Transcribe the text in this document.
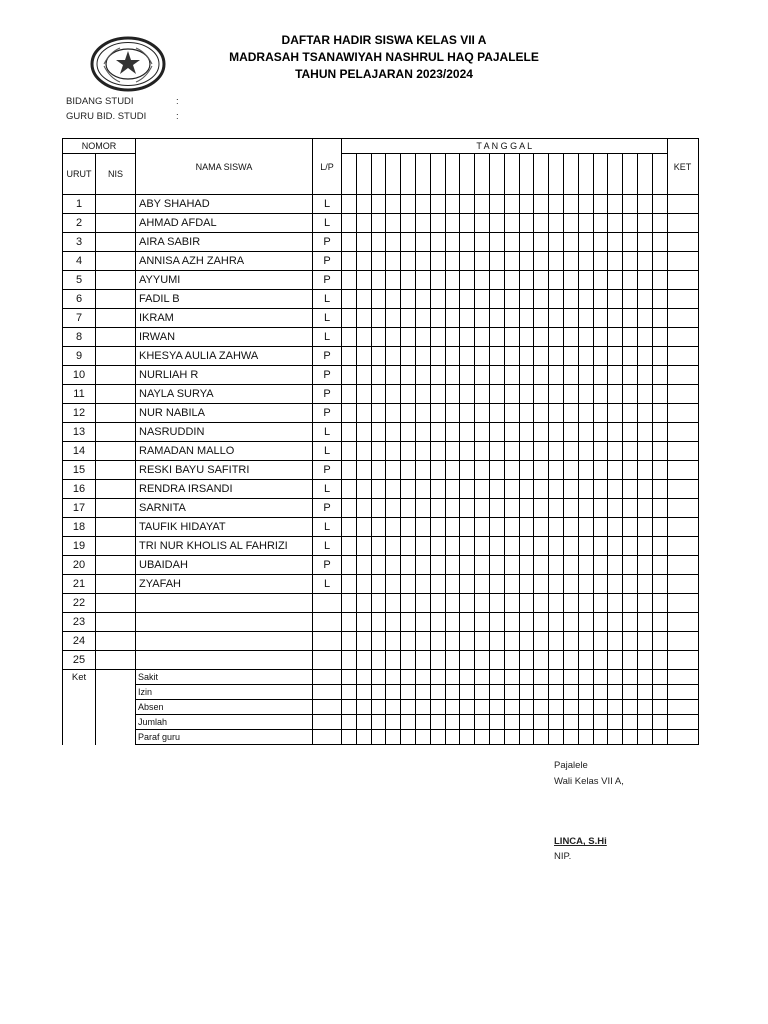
DAFTAR HADIR SISWA KELAS VII A
MADRASAH TSANAWIYAH NASHRUL HAQ PAJALELE
TAHUN PELAJARAN 2023/2024
BIDANG STUDI	:
GURU BID. STUDI	:
NOMOR		NAMA SISWA	L/P	T A N G G A L																						KET
URUT	NIS																									
1		ABY SHAHAD	L																							
2		AHMAD AFDAL	L																							
3		AIRA SABIR	P																							
4		ANNISA AZH ZAHRA	P																							
5		AYYUMI	P																							
6		FADIL B	L																							
7		IKRAM	L																							
8		IRWAN	L																							
9		KHESYA AULIA ZAHWA	P																							
10		NURLIAH R	P																							
11		NAYLA SURYA	P																							
12		NUR NABILA	P																							
13		NASRUDDIN	L																							
14		RAMADAN MALLO	L																							
15		RESKI BAYU SAFITRI	P																							
16		RENDRA IRSANDI	L																							
17		SARNITA	P																							
18		TAUFIK HIDAYAT	L																							
19		TRI NUR KHOLIS AL FAHRIZI	L																							
20		UBAIDAH	P																							
21		ZYAFAH	L																							
22																										
23																										
24																										
25																										
Ket		Sakit																								
		Izin																								
		Absen																								
		Jumlah																								
		Paraf guru																								
Pajalele
Wali Kelas VII A,
LINCA, S.Hi
NIP.
